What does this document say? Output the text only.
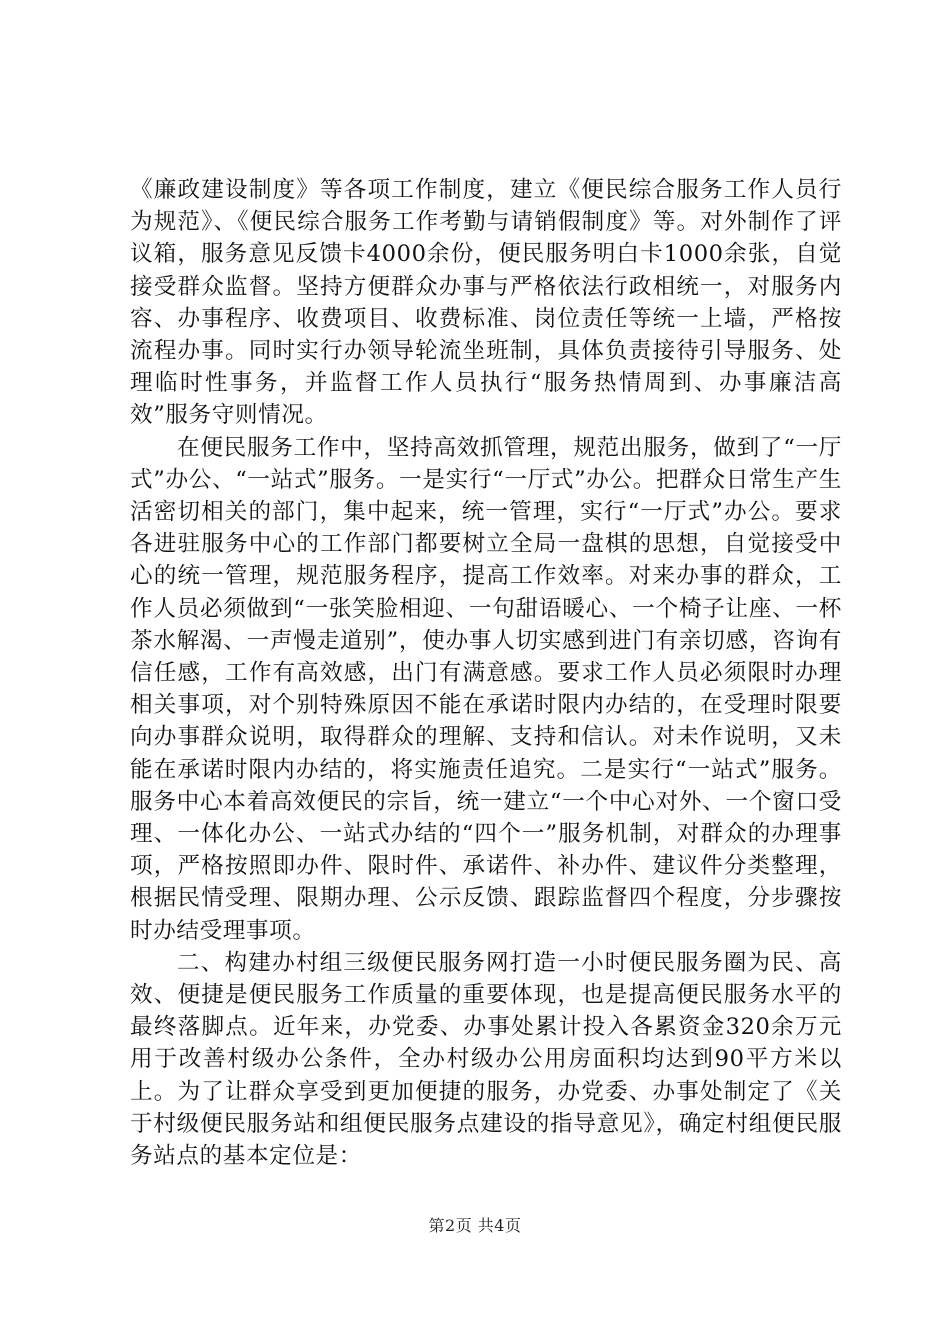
《廉政建设制度》等各项工作制度，建立《便民综合服务工作人员行为规范》、《便民综合服务工作考勤与请销假制度》等。对外制作了评议箱，服务意见反馈卡4000余份，便民服务明白卡1000余张，自觉接受群众监督。坚持方便群众办事与严格依法行政相统一，对服务内容、办事程序、收费项目、收费标准、岗位责任等统一上墙，严格按流程办事。同时实行办领导轮流坐班制，具体负责接待引导服务、处理临时性事务，并监督工作人员执行“服务热情周到、办事廉洁高效”服务守则情况。

在便民服务工作中，坚持高效抓管理，规范出服务，做到了“一厅式”办公、“一站式”服务。一是实行“一厅式”办公。把群众日常生产生活密切相关的部门，集中起来，统一管理，实行“一厅式”办公。要求各进驻服务中心的工作部门都要树立全局一盘棋的思想，自觉接受中心的统一管理，规范服务程序，提高工作效率。对来办事的群众，工作人员必须做到“一张笑脸相迎、一句甜语暖心、一个椅子让座、一杯茶水解渴、一声慢走道别”，使办事人切实感到进门有亲切感，咨询有信任感，工作有高效感，出门有满意感。要求工作人员必须限时办理相关事项，对个别特殊原因不能在承诺时限内办结的，在受理时限要向办事群众说明，取得群众的理解、支持和信认。对未作说明，又未能在承诺时限内办结的，将实施责任追究。二是实行“一站式”服务。服务中心本着高效便民的宗旨，统一建立“一个中心对外、一个窗口受理、一体化办公、一站式办结的“四个一”服务机制，对群众的办理事项，严格按照即办件、限时件、承诺件、补办件、建议件分类整理，根据民情受理、限期办理、公示反馈、跟踪监督四个程度，分步骤按时办结受理事项。

二、构建办村组三级便民服务网打造一小时便民服务圈为民、高效、便捷是便民服务工作质量的重要体现，也是提高便民服务水平的最终落脚点。近年来，办党委、办事处累计投入各累资金320余万元用于改善村级办公条件，全办村级办公用房面积均达到90平方米以上。为了让群众享受到更加便捷的服务，办党委、办事处制定了《关于村级便民服务站和组便民服务点建设的指导意见》，确定村组便民服务站点的基本定位是：

第2页 共4页
